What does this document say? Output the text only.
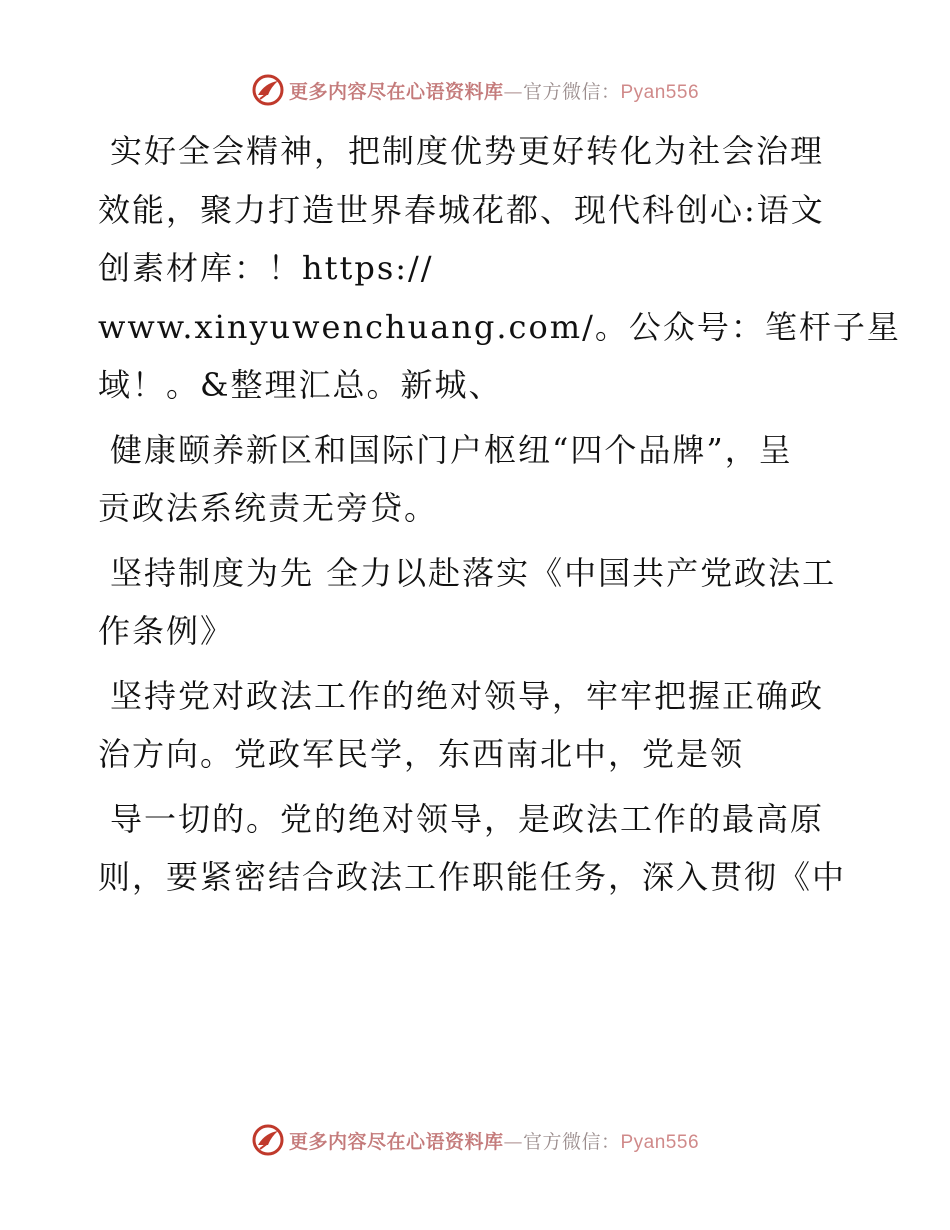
更多内容尽在心语资料库—官方微信：Pyan556
实好全会精神，把制度优势更好转化为社会治理
效能，聚力打造世界春城花都、现代科创心:语文
创素材库：！https://
www.xinyuwenchuang.com/。公众号：笔杆子星
域！。&整理汇总。新城、
健康颐养新区和国际门户枢纽“四个品牌”，呈
贡政法系统责无旁贷。
坚持制度为先 全力以赴落实《中国共产党政法工
作条例》
坚持党对政法工作的绝对领导，牢牢把握正确政
治方向。党政军民学，东西南北中，党是领
导一切的。党的绝对领导，是政法工作的最高原
则，要紧密结合政法工作职能任务，深入贯彻《中
更多内容尽在心语资料库—官方微信：Pyan556
